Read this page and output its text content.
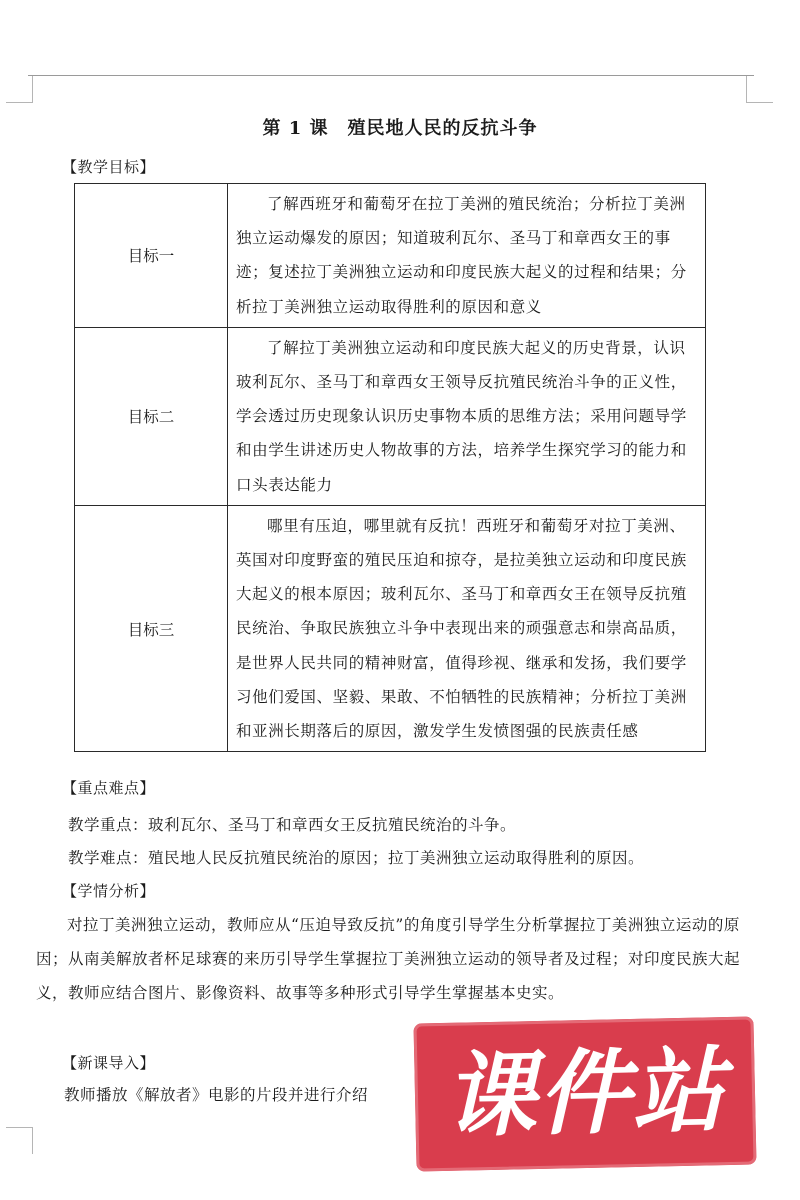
第 1 课　殖民地人民的反抗斗争
【教学目标】
目标一	了解西班牙和葡萄牙在拉丁美洲的殖民统治；分析拉丁美洲独立运动爆发的原因；知道玻利瓦尔、圣马丁和章西女王的事迹；复述拉丁美洲独立运动和印度民族大起义的过程和结果；分析拉丁美洲独立运动取得胜利的原因和意义
目标二	了解拉丁美洲独立运动和印度民族大起义的历史背景，认识玻利瓦尔、圣马丁和章西女王领导反抗殖民统治斗争的正义性，学会透过历史现象认识历史事物本质的思维方法；采用问题导学和由学生讲述历史人物故事的方法，培养学生探究学习的能力和口头表达能力
目标三	哪里有压迫，哪里就有反抗！西班牙和葡萄牙对拉丁美洲、英国对印度野蛮的殖民压迫和掠夺，是拉美独立运动和印度民族大起义的根本原因；玻利瓦尔、圣马丁和章西女王在领导反抗殖民统治、争取民族独立斗争中表现出来的顽强意志和崇高品质，是世界人民共同的精神财富，值得珍视、继承和发扬，我们要学习他们爱国、坚毅、果敢、不怕牺牲的民族精神；分析拉丁美洲和亚洲长期落后的原因，激发学生发愤图强的民族责任感
【重点难点】
教学重点：玻利瓦尔、圣马丁和章西女王反抗殖民统治的斗争。
教学难点：殖民地人民反抗殖民统治的原因；拉丁美洲独立运动取得胜利的原因。
【学情分析】
对拉丁美洲独立运动，教师应从“压迫导致反抗”的角度引导学生分析掌握拉丁美洲独立运动的原因；从南美解放者杯足球赛的来历引导学生掌握拉丁美洲独立运动的领导者及过程；对印度民族大起义，教师应结合图片、影像资料、故事等多种形式引导学生掌握基本史实。
【新课导入】
教师播放《解放者》电影的片段并进行介绍 课件站
